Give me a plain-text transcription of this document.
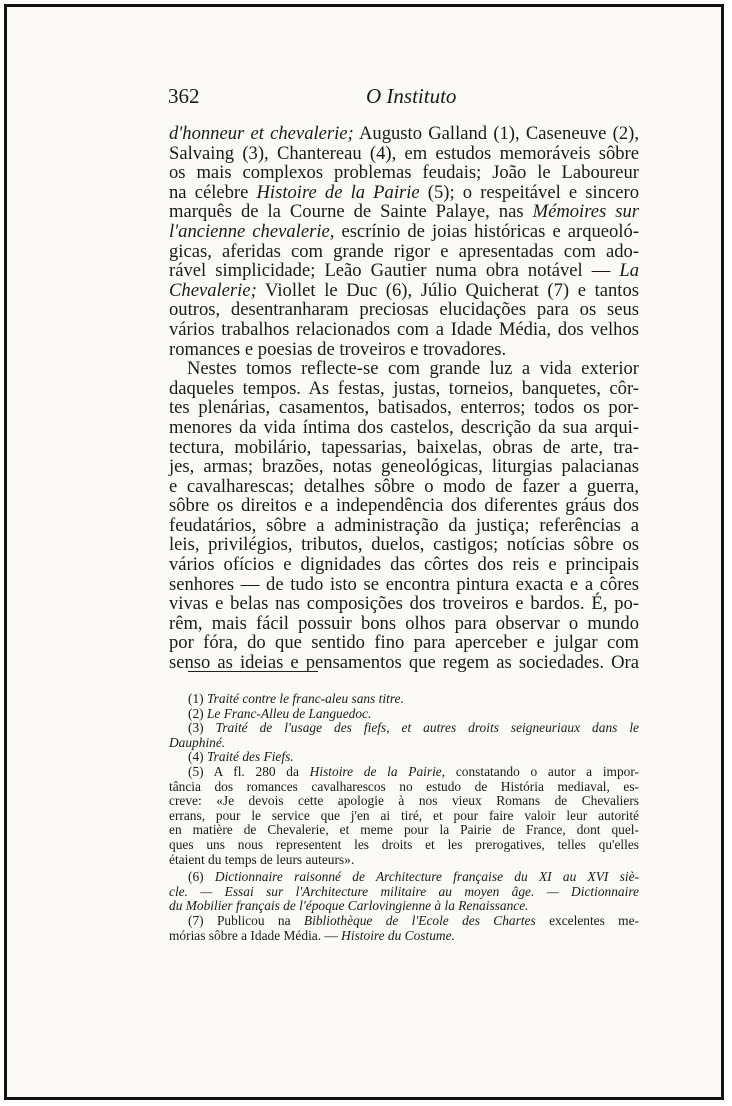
362	O Instituto
d'honneur et chevalerie; Augusto Galland (1), Caseneuve (2),
Salvaing (3), Chantereau (4), em estudos memoráveis sôbre
os mais complexos problemas feudais; João le Laboureur
na célebre Histoire de la Pairie (5); o respeitável e sincero
marquês de la Courne de Sainte Palaye, nas Mémoires sur
l'ancienne chevalerie, escrínio de joias históricas e arqueoló-
gicas, aferidas com grande rigor e apresentadas com ado-
rável simplicidade; Leão Gautier numa obra notável — La
Chevalerie; Viollet le Duc (6), Júlio Quicherat (7) e tantos
outros, desentranharam preciosas elucidações para os seus
vários trabalhos relacionados com a Idade Média, dos velhos
romances e poesias de troveiros e trovadores.
Nestes tomos reflecte-se com grande luz a vida exterior
daqueles tempos. As festas, justas, torneios, banquetes, côr-
tes plenárias, casamentos, batisados, enterros; todos os por-
menores da vida íntima dos castelos, descrição da sua arqui-
tectura, mobilário, tapessarias, baixelas, obras de arte, tra-
jes, armas; brazões, notas geneológicas, liturgias palacianas
e cavalharescas; detalhes sôbre o modo de fazer a guerra,
sôbre os direitos e a independência dos diferentes gráus dos
feudatários, sôbre a administração da justiça; referências a
leis, privilégios, tributos, duelos, castigos; notícias sôbre os
vários ofícios e dignidades das côrtes dos reis e principais
senhores — de tudo isto se encontra pintura exacta e a côres
vivas e belas nas composições dos troveiros e bardos. É, po-
rêm, mais fácil possuir bons olhos para observar o mundo
por fóra, do que sentido fino para aperceber e julgar com
senso as ideias e pensamentos que regem as sociedades. Ora
(1) Traité contre le franc-aleu sans titre.
(2) Le Franc-Alleu de Languedoc.
(3) Traité de l'usage des fiefs, et autres droits seigneuriaux dans le
Dauphiné.
(4) Traité des Fiefs.
(5) A fl. 280 da Histoire de la Pairie, constatando o autor a impor-
tância dos romances cavalharescos no estudo de História mediaval, es-
creve: «Je devois cette apologie à nos vieux Romans de Chevaliers
errans, pour le service que j'en ai tiré, et pour faire valoir leur autorité
en matière de Chevalerie, et meme pour la Pairie de France, dont quel-
ques uns nous representent les droits et les prerogatives, telles qu'elles
étaient du temps de leurs auteurs».
(6) Dictionnaire raisonné de Architecture française du XI au XVI siè-
cle. — Essai sur l'Architecture militaire au moyen âge. — Dictionnaire
du Mobilier français de l'époque Carlovingienne à la Renaissance.
(7) Publicou na Bibliothèque de l'Ecole des Chartes excelentes me-
mórias sôbre a Idade Média. — Histoire du Costume.
